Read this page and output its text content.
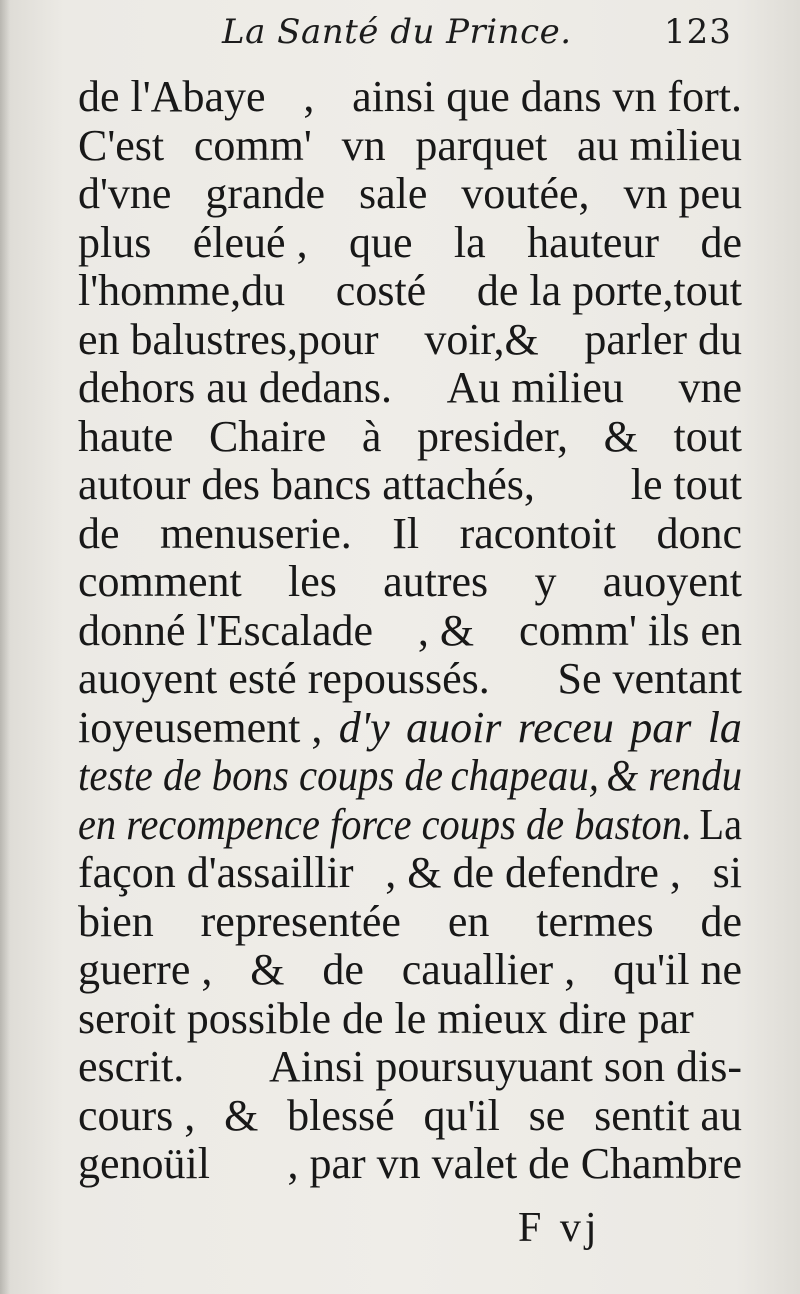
La Santé du Prince.	123
de l'Abaye , ainsi que dans vn fort.
C'est comm' vn parquet au milieu
d'vne grande sale voutée, vn peu
plus éleué , que la hauteur de
l'homme,du costé de la porte,tout
en balustres,pour voir,& parler du
dehors au dedans. Au milieu vne
haute Chaire à presider, & tout
autour des bancs attachés, le tout
de menuserie. Il racontoit donc
comment les autres y auoyent
donné l'Escalade , & comm' ils en
auoyent esté repoussés. Se ventant
ioyeusement , d'y auoir receu par la
teste de bons coups de chapeau, & rendu
en recompence force coups de baston. La
façon d'assaillir , & de defendre , si
bien representée en termes de
guerre , & de cauallier , qu'il ne
seroit possible de le mieux dire par
escrit. Ainsi poursuyuant son dis-
cours , & blessé qu'il se sentit au
genoüil , par vn valet de Chambre
F vj
